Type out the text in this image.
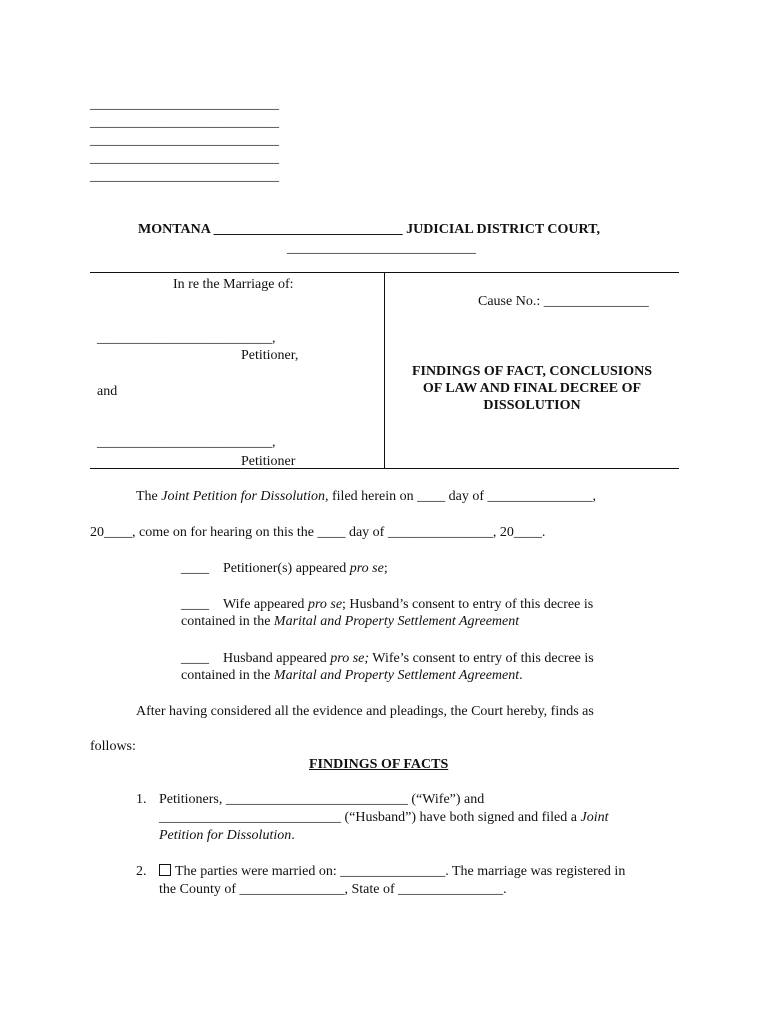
___________________________
___________________________
___________________________
___________________________
___________________________
MONTANA ___________________________ JUDICIAL DISTRICT COURT,
___________________________
In re the Marriage of:
_________________________,
Petitioner,
and
_________________________,
Petitioner
Cause No.: _______________
FINDINGS OF FACT, CONCLUSIONS
OF LAW AND FINAL DECREE OF
DISSOLUTION
The Joint Petition for Dissolution, filed herein on ____ day of _______________,
20____, come on for hearing on this the ____ day of _______________, 20____.
____ Petitioner(s) appeared pro se;
____ Wife appeared pro se; Husband’s consent to entry of this decree is
contained in the Marital and Property Settlement Agreement
____ Husband appeared pro se; Wife’s consent to entry of this decree is
contained in the Marital and Property Settlement Agreement.
After having considered all the evidence and pleadings, the Court hereby, finds as
follows:
FINDINGS OF FACTS
1. Petitioners, __________________________ (“Wife”) and
__________________________ (“Husband”) have both signed and filed a Joint
Petition for Dissolution.
2.	The parties were married on: _______________. The marriage was registered in
the County of _______________, State of _______________.
